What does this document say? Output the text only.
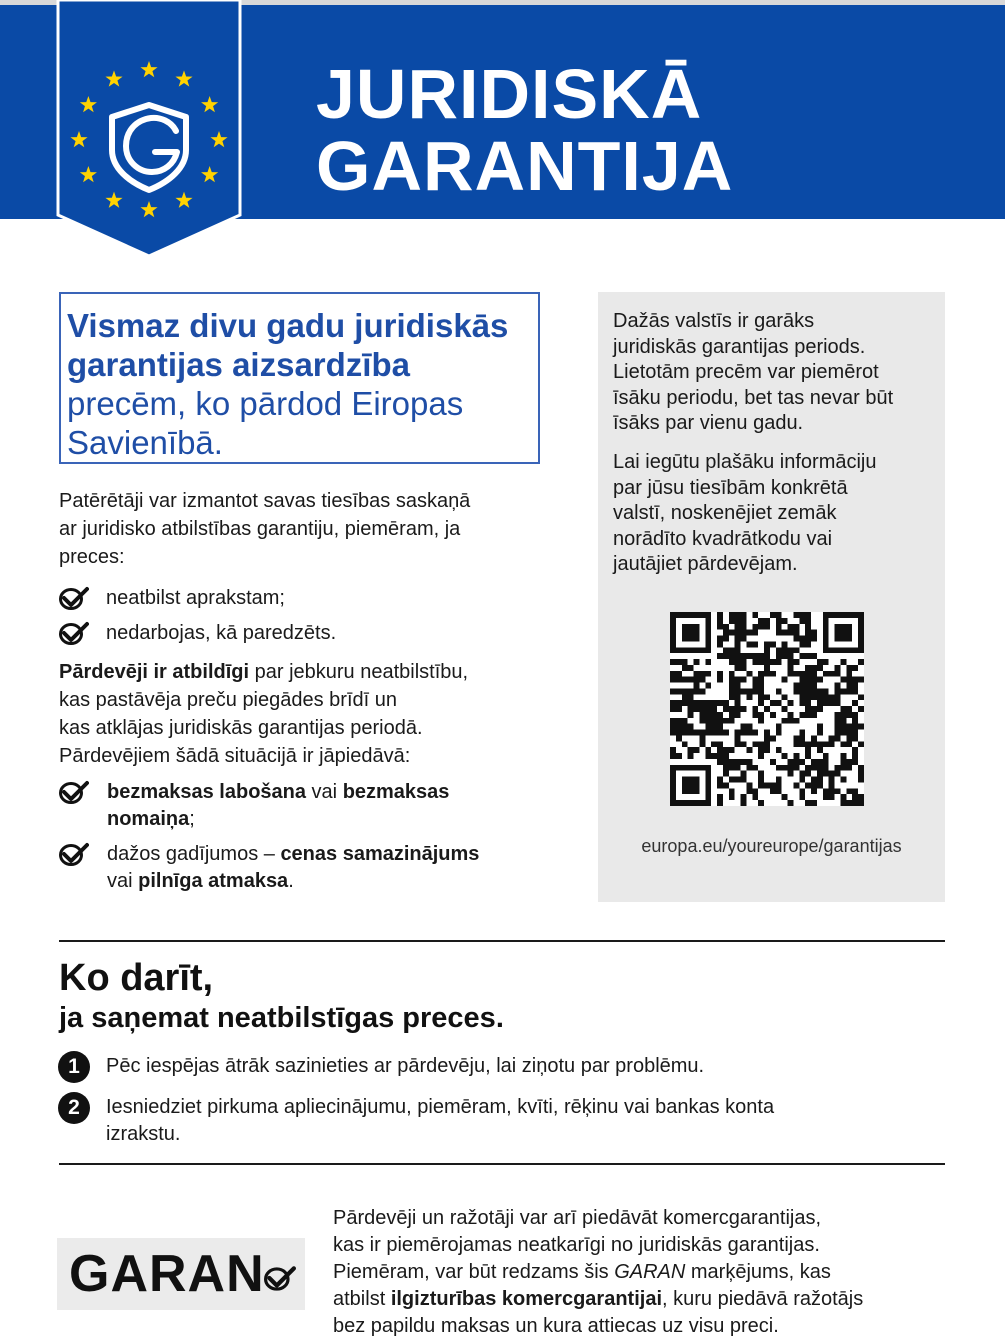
JURIDISKĀ
GARANTIJA
Vismaz divu gadu juridiskās
garantijas aizsardzība
precēm, ko pārdod Eiropas
Savienībā.
Patērētāji var izmantot savas tiesības saskaņā
ar juridisko atbilstības garantiju, piemēram, ja
preces:
neatbilst aprakstam;
nedarbojas, kā paredzēts.
Pārdevēji ir atbildīgi par jebkuru neatbilstību,
kas pastāvēja preču piegādes brīdī un
kas atklājas juridiskās garantijas periodā.
Pārdevējiem šādā situācijā ir jāpiedāvā:
bezmaksas labošana vai bezmaksas
nomaiņa;
dažos gadījumos – cenas samazinājums
vai pilnīga atmaksa.

Dažās valstīs ir garāks
juridiskās garantijas periods.
Lietotām precēm var piemērot
īsāku periodu, bet tas nevar būt
īsāks par vienu gadu.

Lai iegūtu plašāku informāciju
par jūsu tiesībām konkrētā
valstī, noskenējiet zemāk
norādīto kvadrātkodu vai
jautājiet pārdevējam.

europa.eu/youreurope/garantijas
Ko darīt,
ja saņemat neatbilstīgas preces.
1	Pēc iespējas ātrāk sazinieties ar pārdevēju, lai ziņotu par problēmu.
2	Iesniedziet pirkuma apliecinājumu, piemēram, kvīti, rēķinu vai bankas konta
izrakstu.
GARAN
Pārdevēji un ražotāji var arī piedāvāt komercgarantijas,
kas ir piemērojamas neatkarīgi no juridiskās garantijas.
Piemēram, var būt redzams šis GARAN marķējums, kas
atbilst ilgizturības komercgarantijai, kuru piedāvā ražotājs
bez papildu maksas un kura attiecas uz visu preci.
